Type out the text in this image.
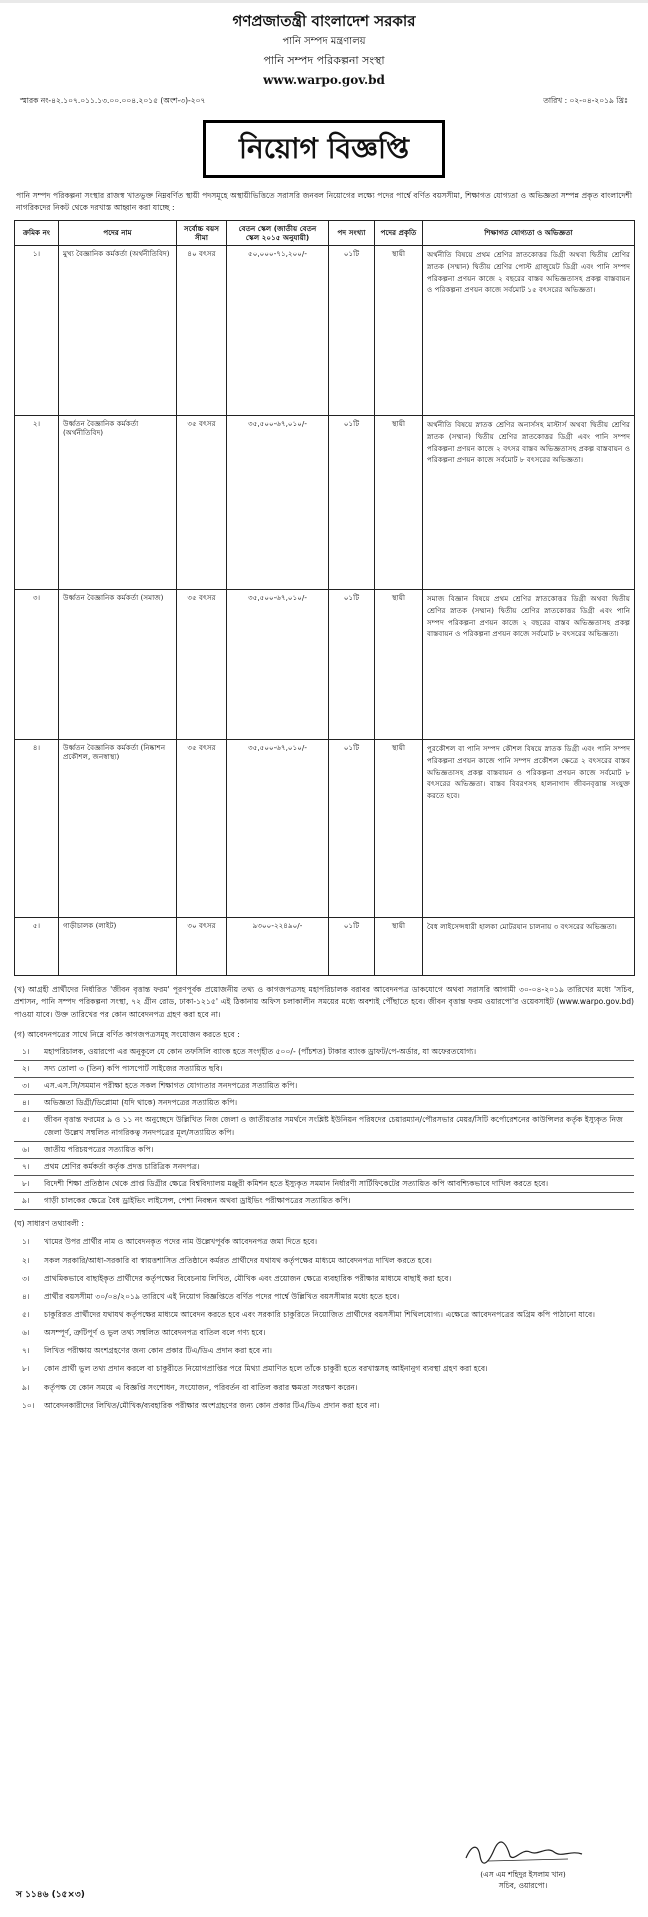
গণপ্রজাতন্ত্রী বাংলাদেশ সরকার
পানি সম্পদ মন্ত্রণালয়
পানি সম্পদ পরিকল্পনা সংস্থা
www.warpo.gov.bd
স্মারক নং-৪২.১০৭.০১১.১৩.০০.০০৪.২০১৫ (অংশ-৩)-২০৭	তারিখ : ০২-০৪-২০১৯ খ্রিঃ
নিয়োগ বিজ্ঞপ্তি

পানি সম্পদ পরিকল্পনা সংস্থার রাজস্ব খাতভুক্ত নিম্নবর্ণিত স্থায়ী পদসমূহে অস্থায়ীভিত্তিতে সরাসরি জনবল নিয়োগের লক্ষ্যে পদের পার্শ্বে বর্ণিত বয়সসীমা, শিক্ষাগত যোগ্যতা ও অভিজ্ঞতা সম্পন্ন প্রকৃত বাংলাদেশী নাগরিকদের নিকট থেকে দরখাস্ত আহ্বান করা যাচ্ছে :

ক্রমিক নং	পদের নাম	সর্বোচ্চ বয়স সীমা	বেতন স্কেল (জাতীয় বেতন স্কেল ২০১৫ অনুযায়ী)	পদ সংখ্যা	পদের প্রকৃতি	শিক্ষাগত যোগ্যতা ও অভিজ্ঞতা
১।	মুখ্য বৈজ্ঞানিক কর্মকর্তা (অর্থনীতিবিদ)	৪০ বৎসর	৫০,০০০-৭১,২০০/-	০১টি	স্থায়ী	অর্থনীতি বিষয়ে প্রথম শ্রেণির স্নাতকোত্তর ডিগ্রী অথবা দ্বিতীয় শ্রেণির স্নাতক (সম্মান) দ্বিতীয় শ্রেণির পোস্ট গ্রাজুয়েট ডিগ্রী এবং পানি সম্পদ পরিকল্পনা প্রণয়ন কাজে ২ বছরের বাস্তব অভিজ্ঞতাসহ প্রকল্প বাস্তবায়ন ও পরিকল্পনা প্রণয়ন কাজে সর্বমোট ১৫ বৎসরের অভিজ্ঞতা।
২।	উর্ধ্বতন বৈজ্ঞানিক কর্মকর্তা (অর্থনীতিবিদ)	৩৫ বৎসর	৩৫,৫০০-৬৭,০১০/-	০১টি	স্থায়ী	অর্থনীতি বিষয়ে স্নাতক শ্রেণির অনার্সসহ মাস্টার্স অথবা দ্বিতীয় শ্রেণির স্নাতক (সম্মান) দ্বিতীয় শ্রেণির স্নাতকোত্তর ডিগ্রী এবং পানি সম্পদ পরিকল্পনা প্রণয়ন কাজে ২ বৎসর বাস্তব অভিজ্ঞতাসহ প্রকল্প বাস্তবায়ন ও পরিকল্পনা প্রণয়ন কাজে সর্বমোট ৮ বৎসরের অভিজ্ঞতা।
৩।	উর্ধ্বতন বৈজ্ঞানিক কর্মকর্তা (সমাজ)	৩৫ বৎসর	৩৫,৫০০-৬৭,০১০/-	০১টি	স্থায়ী	সমাজ বিজ্ঞান বিষয়ে প্রথম শ্রেণির স্নাতকোত্তর ডিগ্রী অথবা দ্বিতীয় শ্রেণির স্নাতক (সম্মান) দ্বিতীয় শ্রেণির স্নাতকোত্তর ডিগ্রী এবং পানি সম্পদ পরিকল্পনা প্রণয়ন কাজে ২ বছরের বাস্তব অভিজ্ঞতাসহ প্রকল্প বাস্তবায়ন ও পরিকল্পনা প্রণয়ন কাজে সর্বমোট ৮ বৎসরের অভিজ্ঞতা।
৪।	উর্ধ্বতন বৈজ্ঞানিক কর্মকর্তা (নিষ্কাশন প্রকৌশল, জনস্বাস্থ্য)	৩৫ বৎসর	৩৫,৫০০-৬৭,০১০/-	০১টি	স্থায়ী	পুরকৌশল বা পানি সম্পদ কৌশল বিষয়ে স্নাতক ডিগ্রী এবং পানি সম্পদ পরিকল্পনা প্রণয়ন কাজে পানি সম্পদ প্রকৌশল ক্ষেত্রে ২ বৎসরের বাস্তব অভিজ্ঞতাসহ প্রকল্প বাস্তবায়ন ও পরিকল্পনা প্রণয়ন কাজে সর্বমোট ৮ বৎসরের অভিজ্ঞতা। বাস্তব বিবরণসহ হালনাগাদ জীবনবৃত্তান্ত সংযুক্ত করতে হবে।
৫।	গাড়ীচালক (লাইট)	৩০ বৎসর	৯৩০০-২২৪৯০/-	০১টি	স্থায়ী	বৈধ লাইসেন্সধারী হালকা মোটরযান চালনায় ৩ বৎসরের অভিজ্ঞতা।

(খ) আগ্রহী প্রার্থীদের নির্ধারিত 'জীবন বৃত্তান্ত ফরম' পূরণপূর্বক প্রয়োজনীয় তথ্য ও কাগজপত্রসহ মহাপরিচালক বরাবর আবেদনপত্র ডাকযোগে অথবা সরাসরি আগামী ৩০-০৪-২০১৯ তারিখের মধ্যে 'সচিব, প্রশাসন, পানি সম্পদ পরিকল্পনা সংস্থা, ৭২ গ্রীন রোড, ঢাকা-১২১৫' এই ঠিকানায় অফিস চলাকালীন সময়ের মধ্যে অবশ্যই পৌঁছাতে হবে। জীবন বৃত্তান্ত ফরম ওয়ারপো'র ওয়েবসাইট (www.warpo.gov.bd) পাওয়া যাবে। উক্ত তারিখের পর কোন আবেদনপত্র গ্রহণ করা হবে না।

(গ) আবেদনপত্রের সাথে নিম্নে বর্ণিত কাগজপত্রসমূহ সংযোজন করতে হবে :
১।	মহাপরিচালক, ওয়ারপো এর অনুকূলে যে কোন তফসিলি ব্যাংক হতে সংগৃহীত ৫০০/- (পাঁচশত) টাকার ব্যাংক ড্রাফট/পে-অর্ডার, যা অফেরতযোগ্য।
২।	সদ্য তোলা ৩ (তিন) কপি পাসপোর্ট সাইজের সত্যায়িত ছবি।
৩।	এস.এস.সি/সমমান পরীক্ষা হতে সকল শিক্ষাগত যোগ্যতার সনদপত্রের সত্যায়িত কপি।
৪।	অভিজ্ঞতা ডিগ্রী/ডিপ্লোমা (যদি থাকে) সনদপত্রের সত্যায়িত কপি।
৫।	জীবন বৃত্তান্ত ফরমের ৯ ও ১১ নং অনুচ্ছেদে উল্লিখিত নিজ জেলা ও জাতীয়তার সমর্থনে সংশ্লিষ্ট ইউনিয়ন পরিষদের চেয়ারম্যান/পৌরসভার মেয়র/সিটি কর্পোরেশনের কাউন্সিলর কর্তৃক ইস্যুকৃত নিজ জেলা উল্লেখ সম্বলিত নাগরিকত্ব সনদপত্রের মূল/সত্যায়িত কপি।
৬।	জাতীয় পরিচয়পত্রের সত্যায়িত কপি।
৭।	প্রথম শ্রেণির কর্মকর্তা কর্তৃক প্রদত্ত চারিত্রিক সনদপত্র।
৮।	বিদেশী শিক্ষা প্রতিষ্ঠান থেকে প্রাপ্ত ডিগ্রীর ক্ষেত্রে বিশ্ববিদ্যালয় মঞ্জুরী কমিশন হতে ইস্যুকৃত সমমান নির্ধারণী সার্টিফিকেটের সত্যায়িত কপি আবশ্যিকভাবে দাখিল করতে হবে।
৯।	গাড়ী চালকের ক্ষেত্রে বৈধ ড্রাইভিং লাইসেন্স, পেশা নিবন্ধন অথবা ড্রাইভিং পরীক্ষাপত্রের সত্যায়িত কপি।
(ঘ) সাধারণ তথ্যাবলী :
১।	খামের উপর প্রার্থীর নাম ও আবেদনকৃত পদের নাম উল্লেখপূর্বক আবেদনপত্র জমা দিতে হবে।
২।	সকল সরকারি/আধা-সরকারি বা স্বায়ত্তশাসিত প্রতিষ্ঠানে কর্মরত প্রার্থীদের যথাযথ কর্তৃপক্ষের মাধ্যমে আবেদনপত্র দাখিল করতে হবে।
৩।	প্রাথমিকভাবে বাছাইকৃত প্রার্থীদের কর্তৃপক্ষের বিবেচনায় লিখিত, মৌখিক এবং প্রয়োজন ক্ষেত্রে ব্যবহারিক পরীক্ষার মাধ্যমে বাছাই করা হবে।
৪।	প্রার্থীর বয়সসীমা ৩০/০৪/২০১৯ তারিখে এই নিয়োগ বিজ্ঞপ্তিতে বর্ণিত পদের পার্শ্বে উল্লিখিত বয়সসীমার মধ্যে হতে হবে।
৫।	চাকুরিরত প্রার্থীদের যথাযথ কর্তৃপক্ষের মাধ্যমে আবেদন করতে হবে এবং সরকারি চাকুরিতে নিয়োজিত প্রার্থীদের বয়সসীমা শিথিলযোগ্য। এক্ষেত্রে আবেদনপত্রের অগ্রিম কপি পাঠানো যাবে।
৬।	অসম্পূর্ণ, ত্রুটিপূর্ণ ও ভুল তথ্য সম্বলিত আবেদনপত্র বাতিল বলে গণ্য হবে।
৭।	লিখিত পরীক্ষায় অংশগ্রহণের জন্য কোন প্রকার টিএ/ডিএ প্রদান করা হবে না।
৮।	কোন প্রার্থী ভুল তথ্য প্রদান করলে বা চাকুরীতে নিয়োগপ্রাপ্তির পরে মিথ্যা প্রমাণিত হলে তাঁকে চাকুরী হতে বরখাস্তসহ আইনানুগ ব্যবস্থা গ্রহণ করা হবে।
৯।	কর্তৃপক্ষ যে কোন সময়ে এ বিজ্ঞপ্তি সংশোধন, সংযোজন, পরিবর্তন বা বাতিল করার ক্ষমতা সংরক্ষণ করেন।
১০।	আবেদনকারীদের লিখিত/মৌখিক/ব্যবহারিক পরীক্ষার অংশগ্রহণের জন্য কোন প্রকার টিএ/ডিএ প্রদান করা হবে না।
(এস এম শহিদুর ইসলাম খান)
সচিব, ওয়ারপো।
স ১১৪৬ (১৫×৩)
